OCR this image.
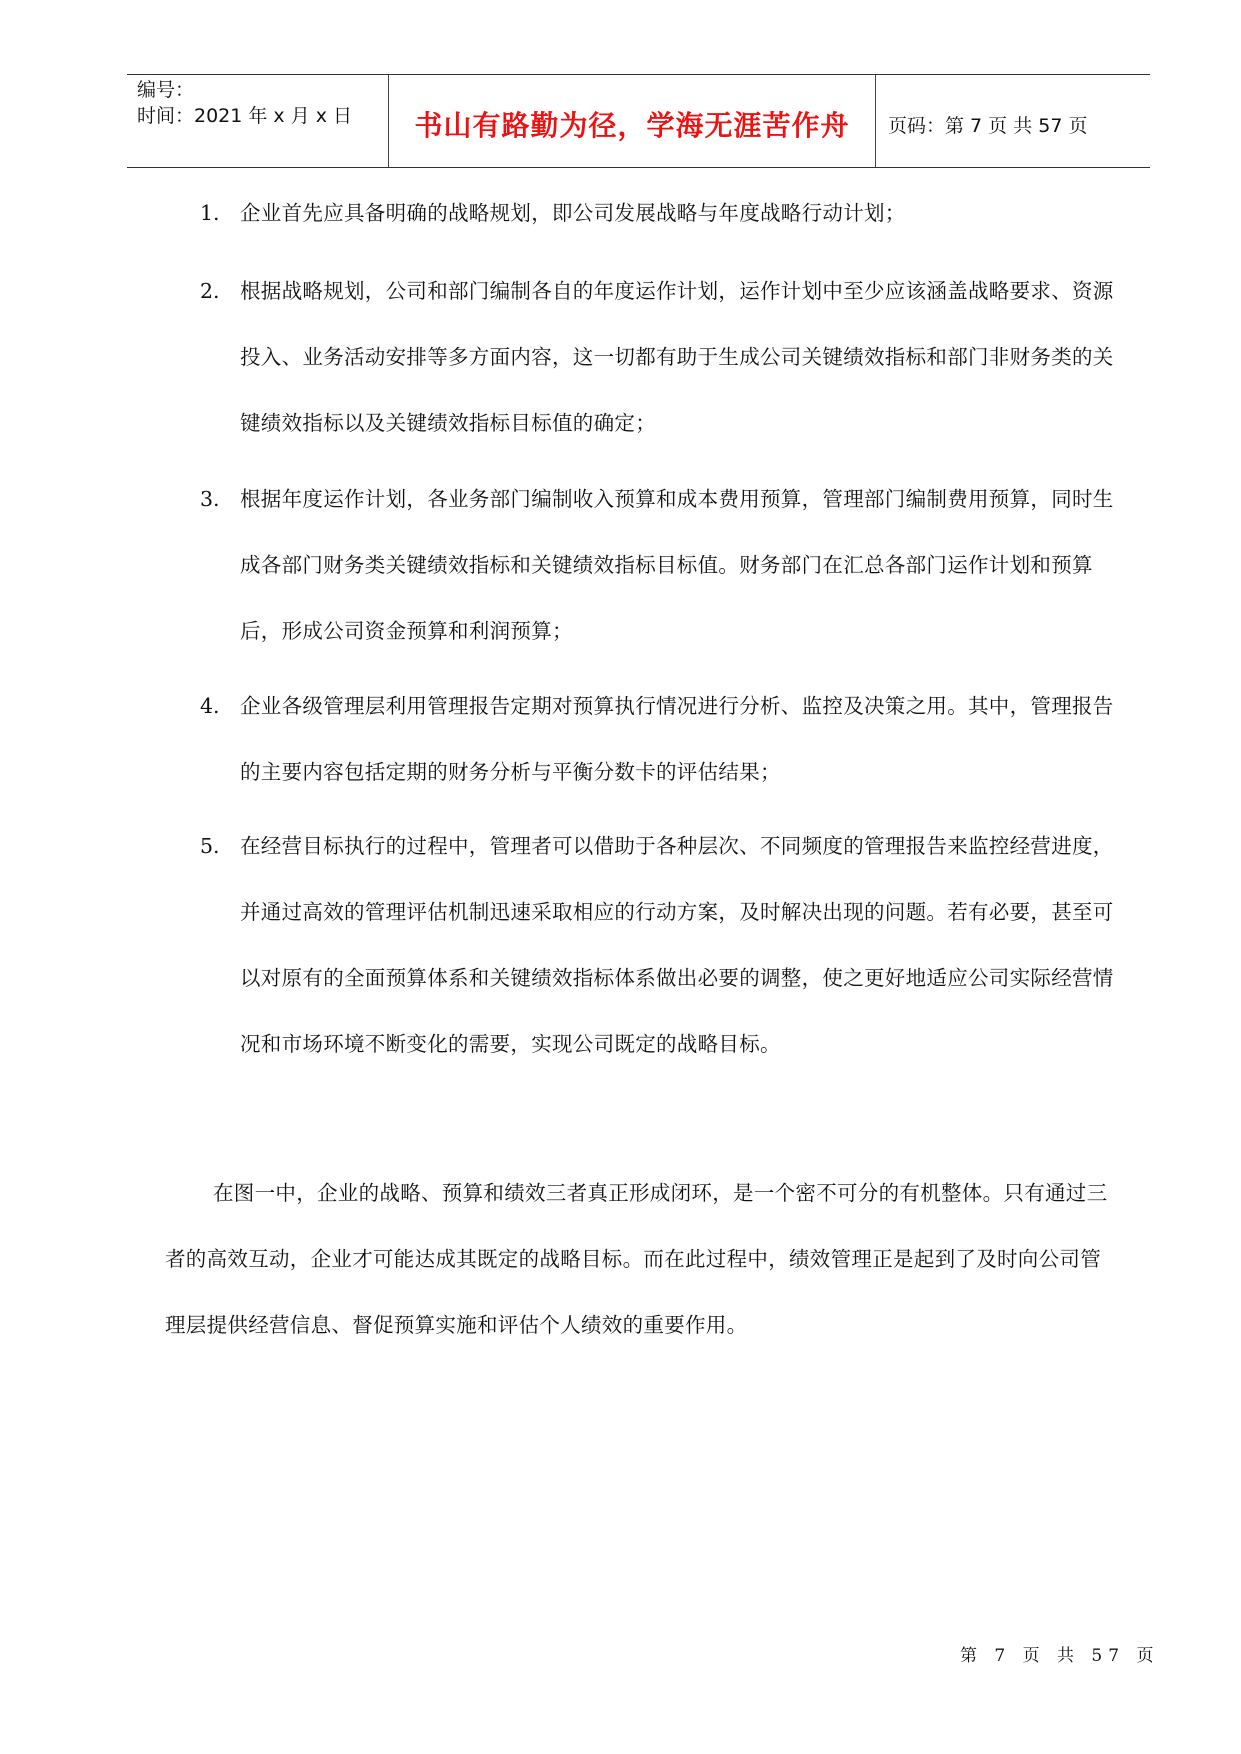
编号：
时间：2021 年 x 月 x 日	书山有路勤为径，学海无涯苦作舟	页码：第 7 页 共 57 页
1. 企业首先应具备明确的战略规划，即公司发展战略与年度战略行动计划；
2. 根据战略规划，公司和部门编制各自的年度运作计划，运作计划中至少应该涵盖战略要求、资源投入、业务活动安排等多方面内容，这一切都有助于生成公司关键绩效指标和部门非财务类的关键绩效指标以及关键绩效指标目标值的确定；
3. 根据年度运作计划，各业务部门编制收入预算和成本费用预算，管理部门编制费用预算，同时生成各部门财务类关键绩效指标和关键绩效指标目标值。财务部门在汇总各部门运作计划和预算后，形成公司资金预算和利润预算；
4. 企业各级管理层利用管理报告定期对预算执行情况进行分析、监控及决策之用。其中，管理报告的主要内容包括定期的财务分析与平衡分数卡的评估结果；
5. 在经营目标执行的过程中，管理者可以借助于各种层次、不同频度的管理报告来监控经营进度，并通过高效的管理评估机制迅速采取相应的行动方案，及时解决出现的问题。若有必要，甚至可以对原有的全面预算体系和关键绩效指标体系做出必要的调整，使之更好地适应公司实际经营情况和市场环境不断变化的需要，实现公司既定的战略目标。
在图一中，企业的战略、预算和绩效三者真正形成闭环，是一个密不可分的有机整体。只有通过三者的高效互动，企业才可能达成其既定的战略目标。而在此过程中，绩效管理正是起到了及时向公司管理层提供经营信息、督促预算实施和评估个人绩效的重要作用。
第 7 页 共 57 页
